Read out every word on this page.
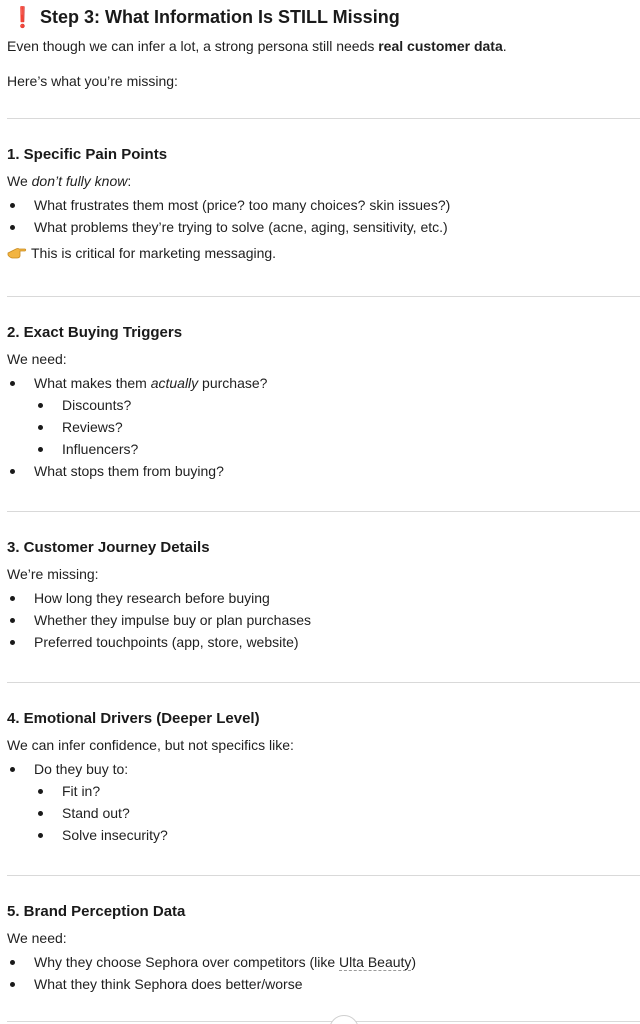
❗ Step 3: What Information Is STILL Missing
Even though we can infer a lot, a strong persona still needs real customer data.
Here’s what you’re missing:
1. Specific Pain Points
We don’t fully know:
What frustrates them most (price? too many choices? skin issues?)
What problems they’re trying to solve (acne, aging, sensitivity, etc.)
This is critical for marketing messaging.
2. Exact Buying Triggers
We need:
What makes them actually purchase?
Discounts?
Reviews?
Influencers?
What stops them from buying?
3. Customer Journey Details
We’re missing:
How long they research before buying
Whether they impulse buy or plan purchases
Preferred touchpoints (app, store, website)
4. Emotional Drivers (Deeper Level)
We can infer confidence, but not specifics like:
Do they buy to:
Fit in?
Stand out?
Solve insecurity?
5. Brand Perception Data
We need:
Why they choose Sephora over competitors (like Ulta Beauty)
What they think Sephora does better/worse
